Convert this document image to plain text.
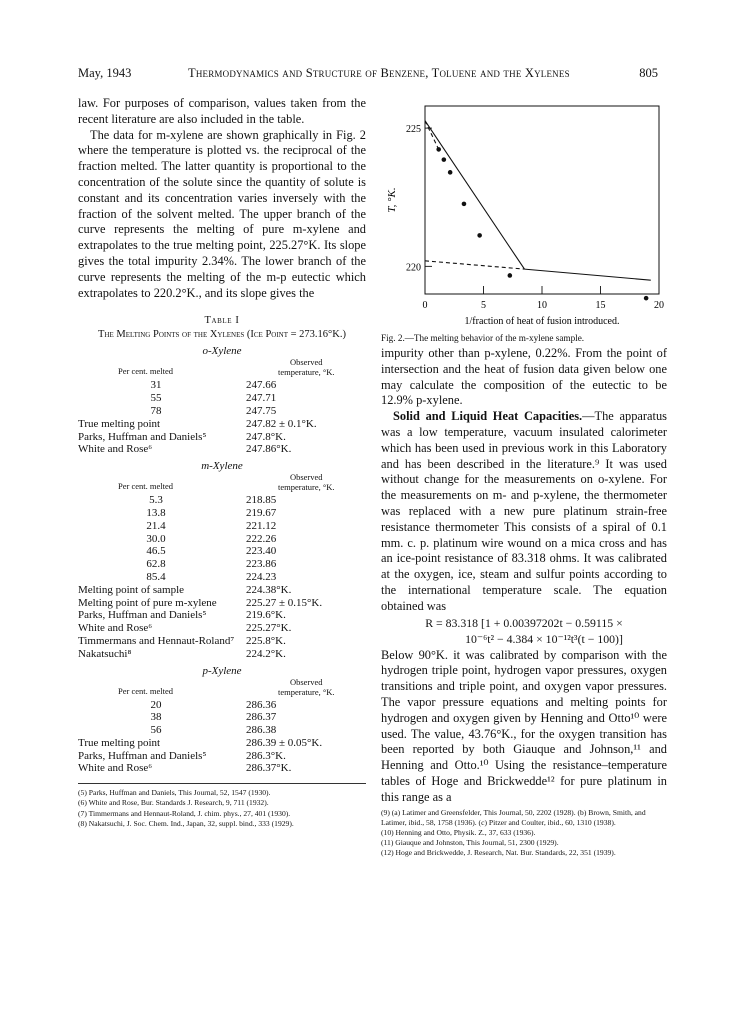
May, 1943	Thermodynamics and Structure of Benzene, Toluene and the Xylenes	805

law. For purposes of comparison, values taken from the recent literature are also included in the table.

The data for m-xylene are shown graphically in Fig. 2 where the temperature is plotted vs. the reciprocal of the fraction melted. The latter quantity is proportional to the concentration of the solute since the quantity of solute is constant and its concentration varies inversely with the fraction of the solvent melted. The upper branch of the curve represents the melting of pure m-xylene and extrapolates to the true melting point, 225.27°K. Its slope gives the total impurity 2.34%. The lower branch of the curve represents the melting of the m-p eutectic which extrapolates to 220.2°K., and its slope gives the

Table I
The Melting Points of the Xylenes (Ice Point = 273.16°K.)
o-Xylene
Per cent. melted
Observed
temperature, °K.
31	247.66
55	247.71
78	247.75
True melting point	247.82 ± 0.1°K.
Parks, Huffman and Daniels⁵	247.8°K.
White and Rose⁶	247.86°K.
m-Xylene
Per cent. melted
Observed
temperature, °K.
5.3	218.85
13.8	219.67
21.4	221.12
30.0	222.26
46.5	223.40
62.8	223.86
85.4	224.23
Melting point of sample	224.38°K.
Melting point of pure m-xylene	225.27 ± 0.15°K.
Parks, Huffman and Daniels⁵	219.6°K.
White and Rose⁶	225.27°K.
Timmermans and Hennaut-Roland⁷ 225.8°K.
Nakatsuchi⁸	224.2°K.
p-Xylene
Per cent. melted
Observed
temperature, °K.
20	286.36
38	286.37
56	286.38
True melting point	286.39 ± 0.05°K.
Parks, Huffman and Daniels⁵	286.3°K.
White and Rose⁶	286.37°K.
(5) Parks, Huffman and Daniels, This Journal, 52, 1547 (1930).
(6) White and Rose, Bur. Standards J. Research, 9, 711 (1932).
(7) Timmermans and Hennaut-Roland, J. chim. phys., 27, 401 (1930).
(8) Nakatsuchi, J. Soc. Chem. Ind., Japan, 32, suppl. bind., 333 (1929).
0	5	10	15	20
220
225
T, °K.
1/fraction of heat of fusion introduced.
Fig. 2.—The melting behavior of the m-xylene sample.

impurity other than p-xylene, 0.22%. From the point of intersection and the heat of fusion data given below one may calculate the composition of the eutectic to be 12.9% p-xylene.

Solid and Liquid Heat Capacities.—The apparatus was a low temperature, vacuum insulated calorimeter which has been used in previous work in this Laboratory and has been described in the literature.⁹ It was used without change for the measurements on o-xylene. For the measurements on m- and p-xylene, the thermometer was replaced with a new pure platinum strain-free resistance thermometer This consists of a spiral of 0.1 mm. c. p. platinum wire wound on a mica cross and has an ice-point resistance of 83.318 ohms. It was calibrated at the oxygen, ice, steam and sulfur points according to the international temperature scale. The equation obtained was

R = 83.318 [1 + 0.00397202t − 0.59115 ×
10⁻⁶t² − 4.384 × 10⁻¹²t³(t − 100)]

Below 90°K. it was calibrated by comparison with the hydrogen triple point, hydrogen vapor pressures, oxygen transitions and triple point, and oxygen vapor pressures. The vapor pressure equations and melting points for hydrogen and oxygen given by Henning and Otto¹⁰ were used. The value, 43.76°K., for the oxygen transition has been reported by both Giauque and Johnson,¹¹ and Henning and Otto.¹⁰ Using the resistance–temperature tables of Hoge and Brickwedde¹² for pure platinum in this range as a

(9) (a) Latimer and Greensfelder, This Journal, 50, 2202 (1928). (b) Brown, Smith, and Latimer, ibid., 58, 1758 (1936). (c) Pitzer and Coulter, ibid., 60, 1310 (1938).
(10) Henning and Otto, Physik. Z., 37, 633 (1936).
(11) Giauque and Johnston, This Journal, 51, 2300 (1929).
(12) Hoge and Brickwedde, J. Research, Nat. Bur. Standards, 22, 351 (1939).
